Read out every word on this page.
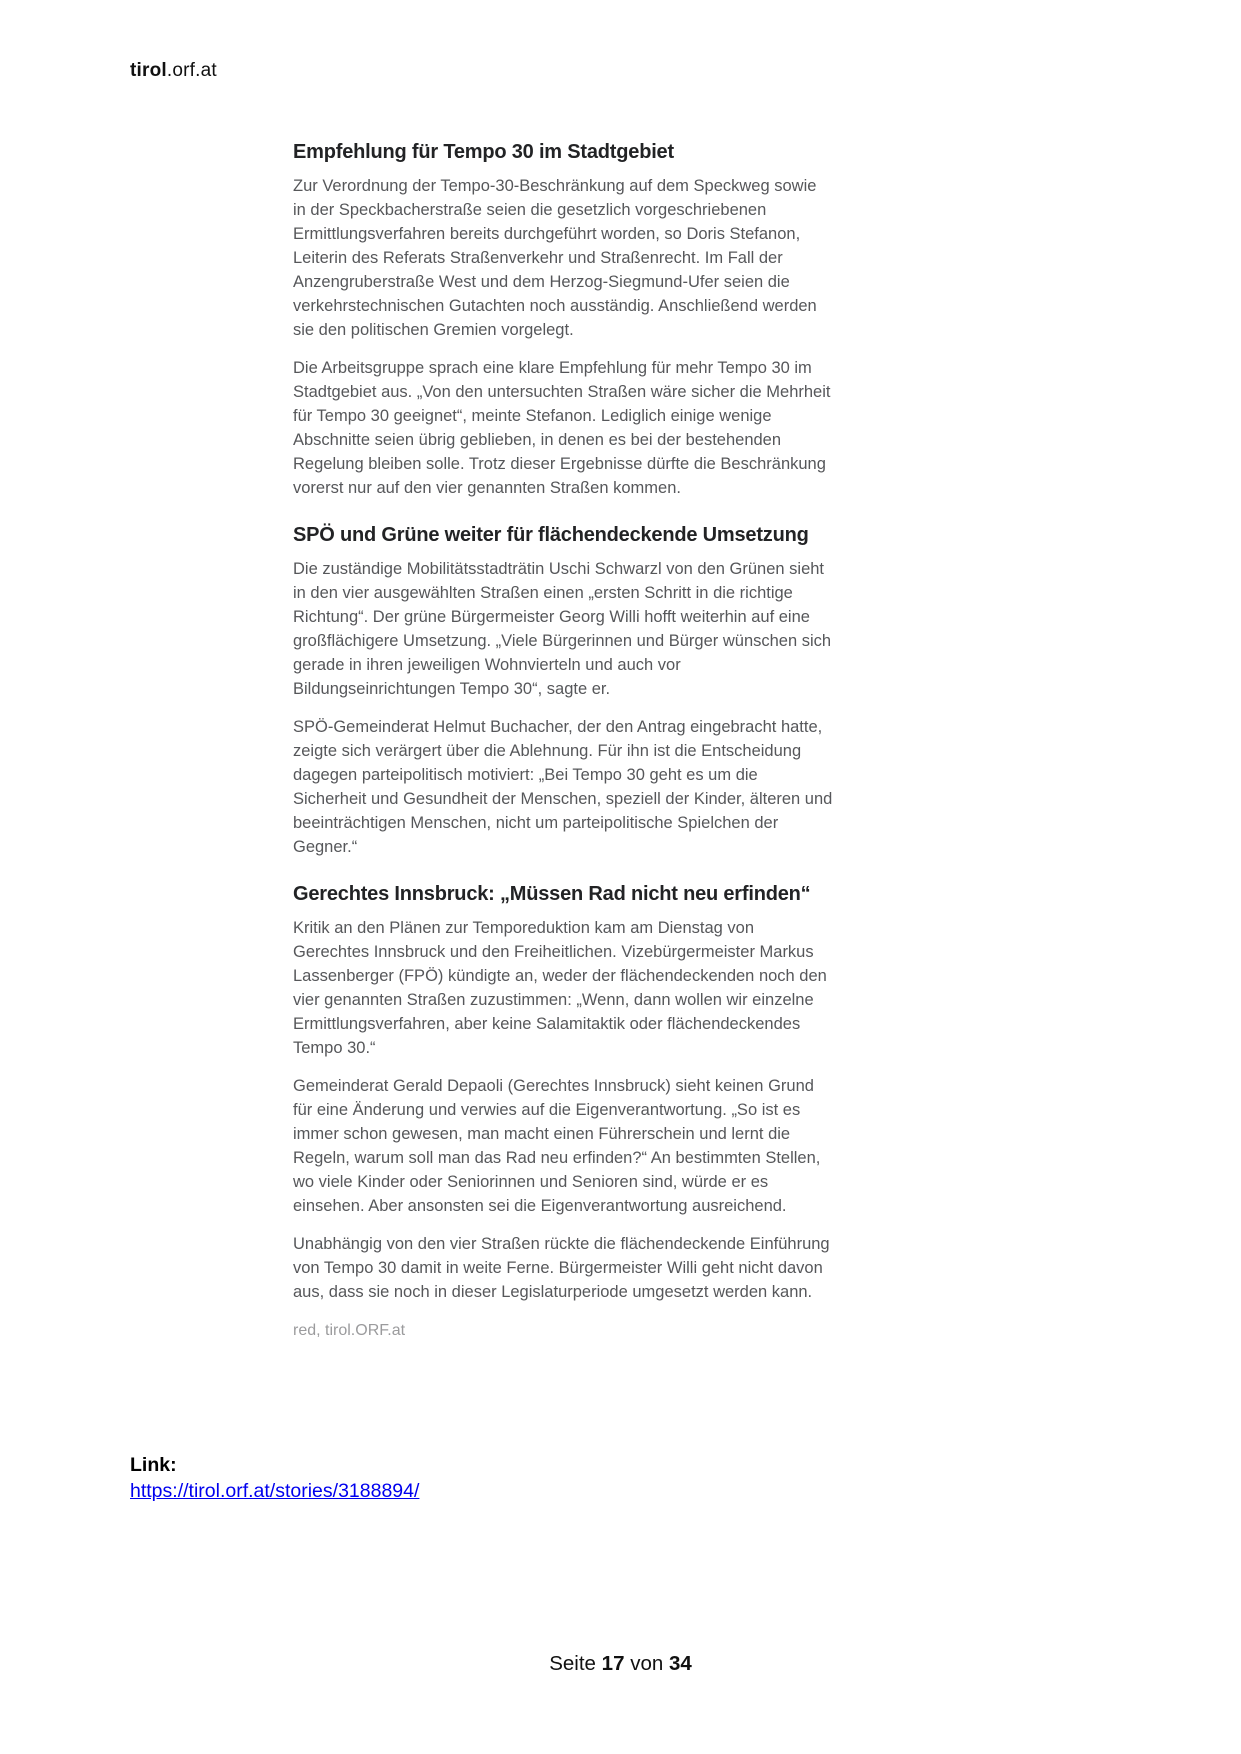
tirol.orf.at
Empfehlung für Tempo 30 im Stadtgebiet

Zur Verordnung der Tempo-30-Beschränkung auf dem Speckweg sowie in der Speckbacherstraße seien die gesetzlich vorgeschriebenen Ermittlungsverfahren bereits durchgeführt worden, so Doris Stefanon, Leiterin des Referats Straßenverkehr und Straßenrecht. Im Fall der Anzengruberstraße West und dem Herzog-Siegmund-Ufer seien die verkehrstechnischen Gutachten noch ausständig. Anschließend werden sie den politischen Gremien vorgelegt.

Die Arbeitsgruppe sprach eine klare Empfehlung für mehr Tempo 30 im Stadtgebiet aus. „Von den untersuchten Straßen wäre sicher die Mehrheit für Tempo 30 geeignet“, meinte Stefanon. Lediglich einige wenige Abschnitte seien übrig geblieben, in denen es bei der bestehenden Regelung bleiben solle. Trotz dieser Ergebnisse dürfte die Beschränkung vorerst nur auf den vier genannten Straßen kommen.

SPÖ und Grüne weiter für flächendeckende Umsetzung

Die zuständige Mobilitätsstadträtin Uschi Schwarzl von den Grünen sieht in den vier ausgewählten Straßen einen „ersten Schritt in die richtige Richtung“. Der grüne Bürgermeister Georg Willi hofft weiterhin auf eine großflächigere Umsetzung. „Viele Bürgerinnen und Bürger wünschen sich gerade in ihren jeweiligen Wohnvierteln und auch vor Bildungseinrichtungen Tempo 30“, sagte er.

SPÖ-Gemeinderat Helmut Buchacher, der den Antrag eingebracht hatte, zeigte sich verärgert über die Ablehnung. Für ihn ist die Entscheidung dagegen parteipolitisch motiviert: „Bei Tempo 30 geht es um die Sicherheit und Gesundheit der Menschen, speziell der Kinder, älteren und beeinträchtigen Menschen, nicht um parteipolitische Spielchen der Gegner.“

Gerechtes Innsbruck: „Müssen Rad nicht neu erfinden“

Kritik an den Plänen zur Temporeduktion kam am Dienstag von Gerechtes Innsbruck und den Freiheitlichen. Vizebürgermeister Markus Lassenberger (FPÖ) kündigte an, weder der flächendeckenden noch den vier genannten Straßen zuzustimmen: „Wenn, dann wollen wir einzelne Ermittlungsverfahren, aber keine Salamitaktik oder flächendeckendes Tempo 30.“

Gemeinderat Gerald Depaoli (Gerechtes Innsbruck) sieht keinen Grund für eine Änderung und verwies auf die Eigenverantwortung. „So ist es immer schon gewesen, man macht einen Führerschein und lernt die Regeln, warum soll man das Rad neu erfinden?“ An bestimmten Stellen, wo viele Kinder oder Seniorinnen und Senioren sind, würde er es einsehen. Aber ansonsten sei die Eigenverantwortung ausreichend.

Unabhängig von den vier Straßen rückte die flächendeckende Einführung von Tempo 30 damit in weite Ferne. Bürgermeister Willi geht nicht davon aus, dass sie noch in dieser Legislaturperiode umgesetzt werden kann.

red, tirol.ORF.at
Link:
https://tirol.orf.at/stories/3188894/
Seite 17 von 34
